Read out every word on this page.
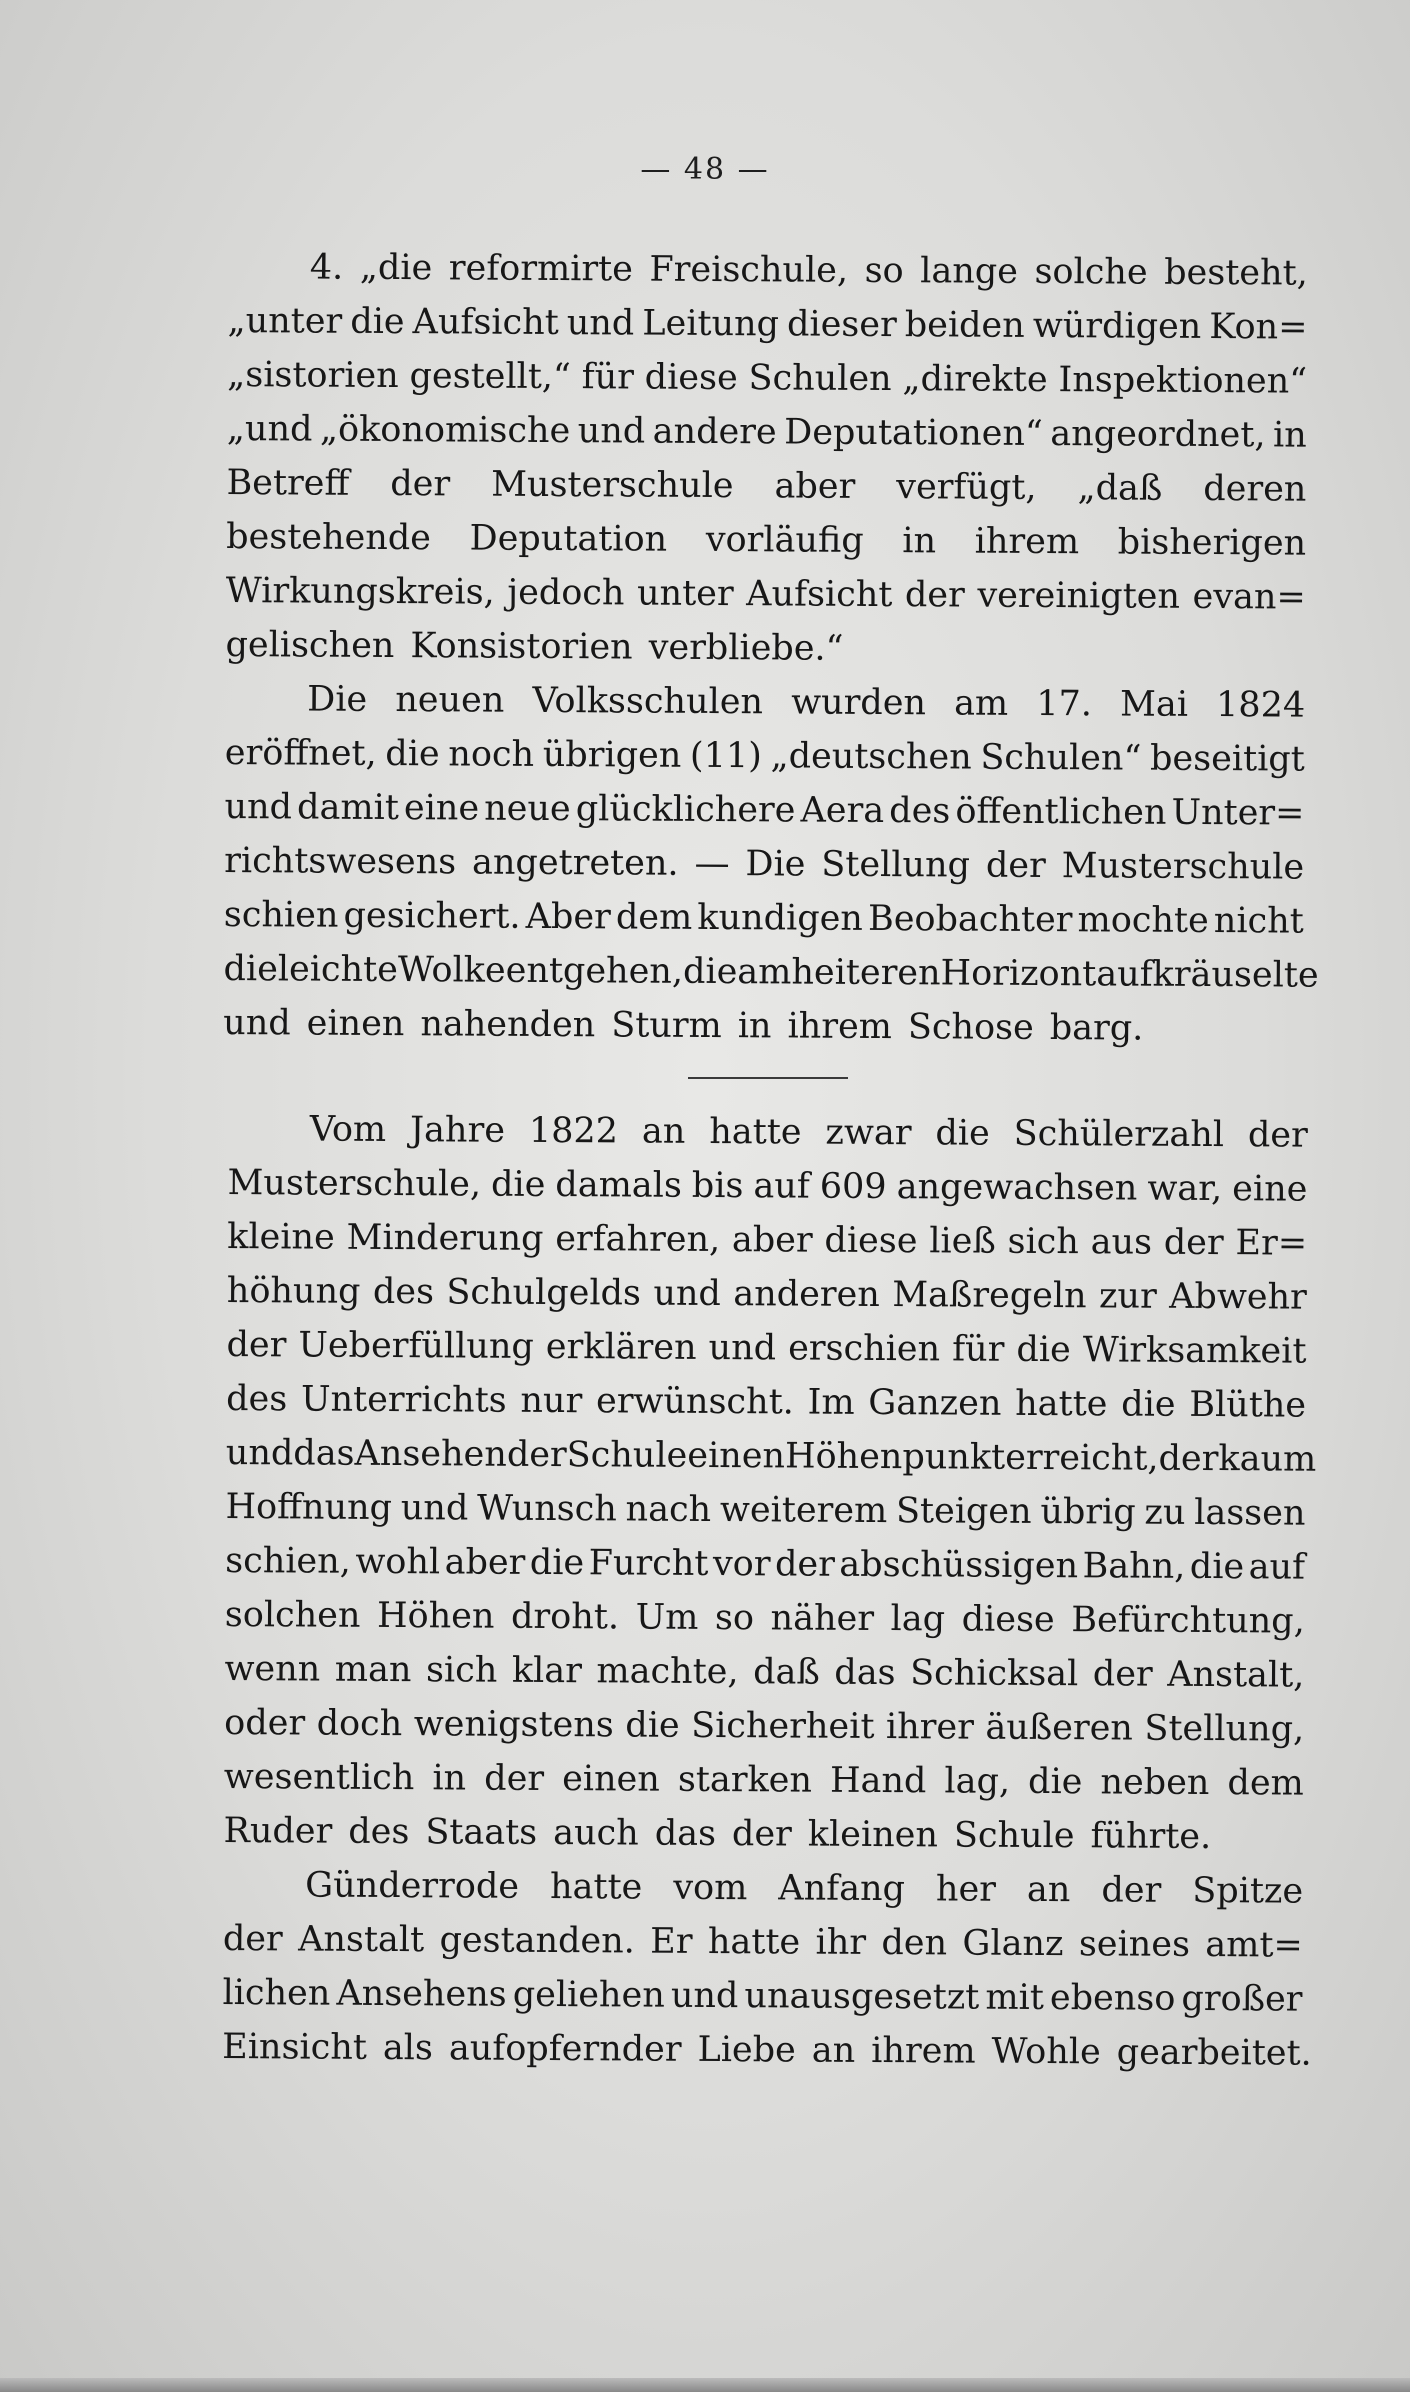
— 48 —
4. „die reformirte Freischule, so lange solche besteht,
„unter die Aufsicht und Leitung dieser beiden würdigen Kon=
„sistorien gestellt,“ für diese Schulen „direkte Inspektionen“
„und „ökonomische und andere Deputationen“ angeordnet, in
Betreff der Musterschule aber verfügt, „daß deren
bestehende Deputation vorläufig in ihrem bisherigen
Wirkungskreis, jedoch unter Aufsicht der vereinigten evan=
gelischen Konsistorien verbliebe.“
Die neuen Volksschulen wurden am 17. Mai 1824
eröffnet, die noch übrigen (11) „deutschen Schulen“ beseitigt
und damit eine neue glücklichere Aera des öffentlichen Unter=
richtswesens angetreten. — Die Stellung der Musterschule
schien gesichert. Aber dem kundigen Beobachter mochte nicht
die leichte Wolke entgehen, die am heiteren Horizont aufkräuselte
und einen nahenden Sturm in ihrem Schose barg.
Vom Jahre 1822 an hatte zwar die Schülerzahl der
Musterschule, die damals bis auf 609 angewachsen war, eine
kleine Minderung erfahren, aber diese ließ sich aus der Er=
höhung des Schulgelds und anderen Maßregeln zur Abwehr
der Ueberfüllung erklären und erschien für die Wirksamkeit
des Unterrichts nur erwünscht. Im Ganzen hatte die Blüthe
und das Ansehen der Schule einen Höhenpunkt erreicht, der kaum
Hoffnung und Wunsch nach weiterem Steigen übrig zu lassen
schien, wohl aber die Furcht vor der abschüssigen Bahn, die auf
solchen Höhen droht. Um so näher lag diese Befürchtung,
wenn man sich klar machte, daß das Schicksal der Anstalt,
oder doch wenigstens die Sicherheit ihrer äußeren Stellung,
wesentlich in der einen starken Hand lag, die neben dem
Ruder des Staats auch das der kleinen Schule führte.
Günderrode hatte vom Anfang her an der Spitze
der Anstalt gestanden. Er hatte ihr den Glanz seines amt=
lichen Ansehens geliehen und unausgesetzt mit ebenso großer
Einsicht als aufopfernder Liebe an ihrem Wohle gearbeitet.
